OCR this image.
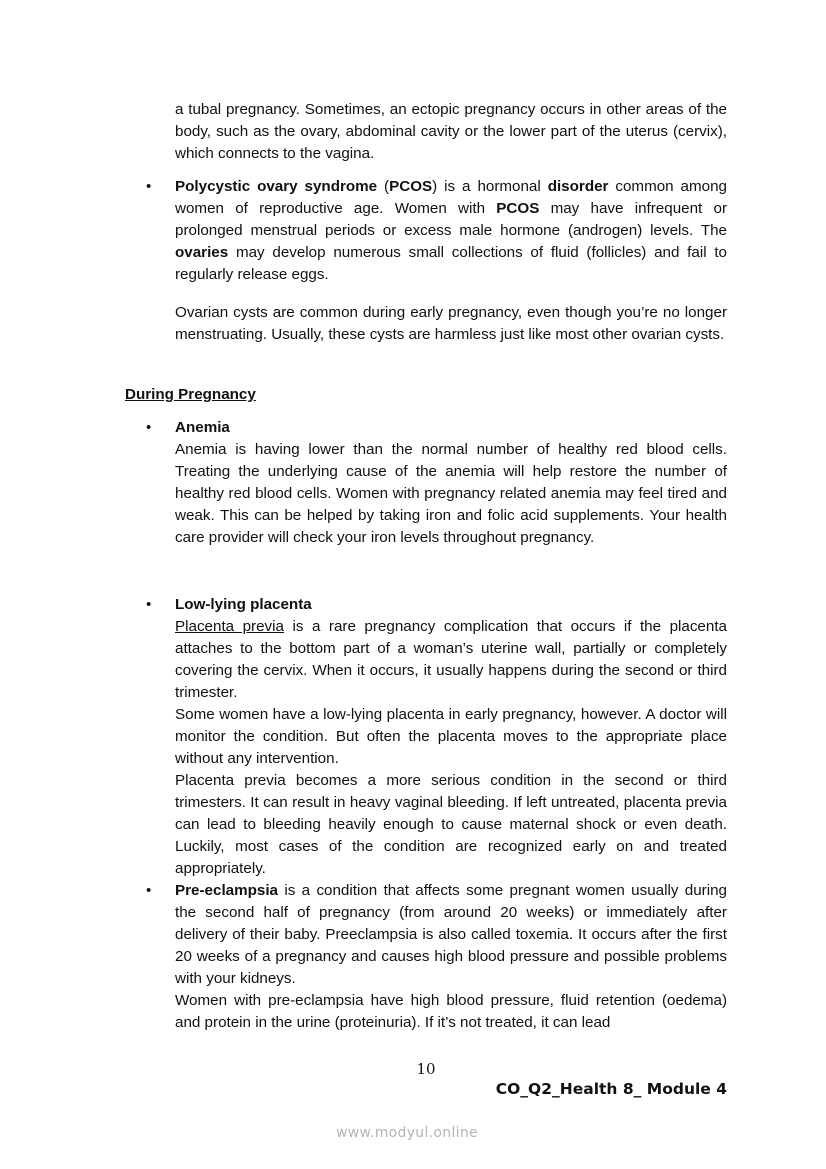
a tubal pregnancy. Sometimes, an ectopic pregnancy occurs in other areas of the body, such as the ovary, abdominal cavity or the lower part of the uterus (cervix), which connects to the vagina.

• Polycystic ovary syndrome (PCOS) is a hormonal disorder common among women of reproductive age. Women with PCOS may have infrequent or prolonged menstrual periods or excess male hormone (androgen) levels. The ovaries may develop numerous small collections of fluid (follicles) and fail to regularly release eggs.

Ovarian cysts are common during early pregnancy, even though you’re no longer menstruating. Usually, these cysts are harmless just like most other ovarian cysts.

During Pregnancy
• Anemia

Anemia is having lower than the normal number of healthy red blood cells. Treating the underlying cause of the anemia will help restore the number of healthy red blood cells. Women with pregnancy related anemia may feel tired and weak. This can be helped by taking iron and folic acid supplements. Your health care provider will check your iron levels throughout pregnancy.

• Low-lying placenta

Placenta previa is a rare pregnancy complication that occurs if the placenta attaches to the bottom part of a woman’s uterine wall, partially or completely covering the cervix. When it occurs, it usually happens during the second or third trimester.

Some women have a low-lying placenta in early pregnancy, however. A doctor will monitor the condition. But often the placenta moves to the appropriate place without any intervention.

Placenta previa becomes a more serious condition in the second or third trimesters. It can result in heavy vaginal bleeding. If left untreated, placenta previa can lead to bleeding heavily enough to cause maternal shock or even death. Luckily, most cases of the condition are recognized early on and treated appropriately.

• Pre-eclampsia is a condition that affects some pregnant women usually during the second half of pregnancy (from around 20 weeks) or immediately after delivery of their baby. Preeclampsia is also called toxemia. It occurs after the first 20 weeks of a pregnancy and causes high blood pressure and possible problems with your kidneys.

Women with pre-eclampsia have high blood pressure, fluid retention (oedema) and protein in the urine (proteinuria). If it’s not treated, it can lead

10
CO_Q2_Health 8_ Module 4
www.modyul.online
